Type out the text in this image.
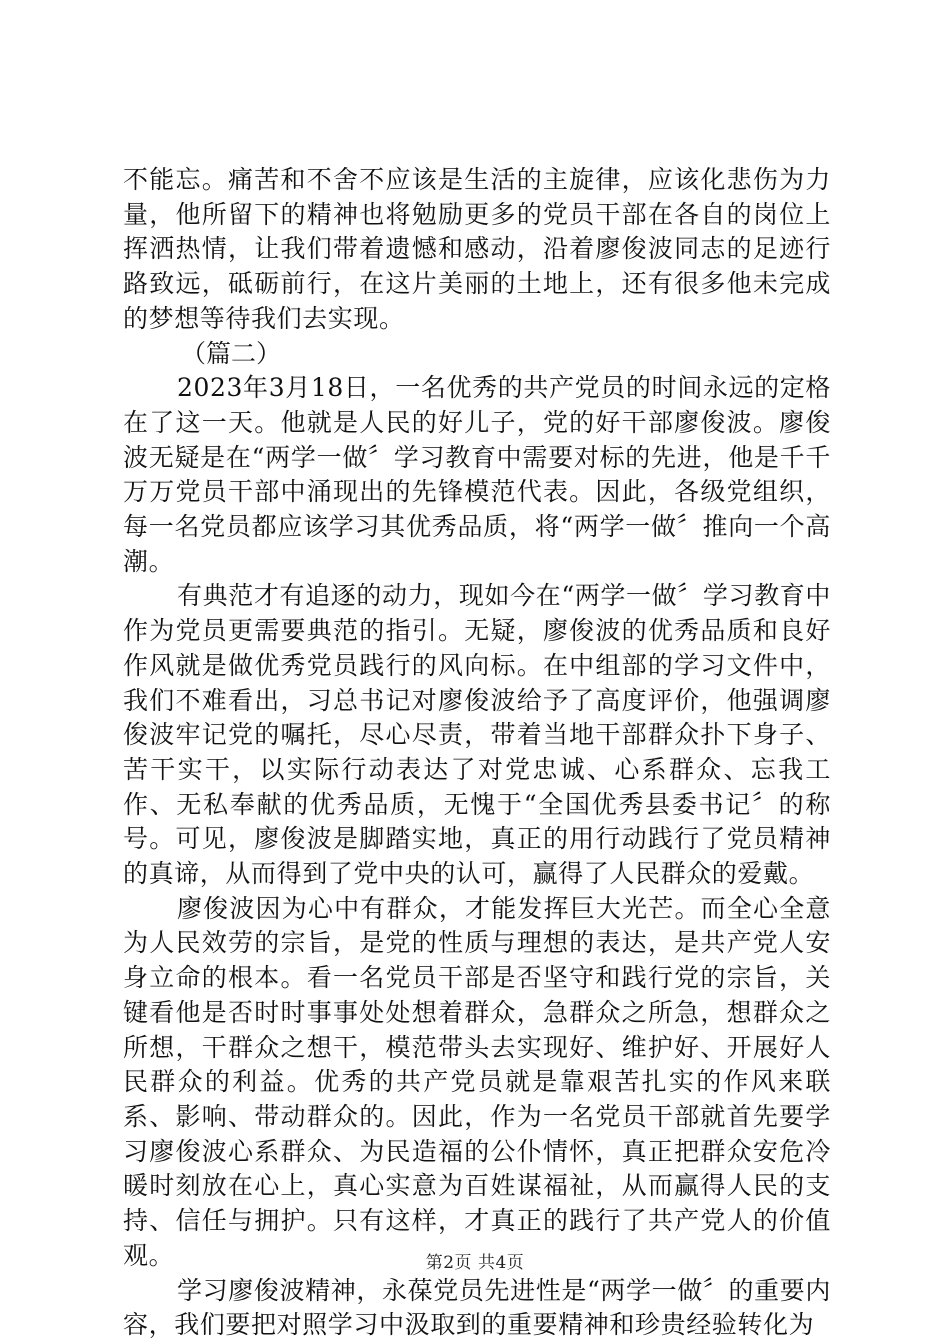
不能忘。痛苦和不舍不应该是生活的主旋律，应该化悲伤为力量，他所留下的精神也将勉励更多的党员干部在各自的岗位上挥洒热情，让我们带着遗憾和感动，沿着廖俊波同志的足迹行路致远，砥砺前行，在这片美丽的土地上，还有很多他未完成的梦想等待我们去实现。

（篇二）

2023年3月18日，一名优秀的共产党员的时间永远的定格在了这一天。他就是人民的好儿子，党的好干部廖俊波。廖俊波无疑是在“两学一做〞学习教育中需要对标的先进，他是千千万万党员干部中涌现出的先锋模范代表。因此，各级党组织，每一名党员都应该学习其优秀品质，将“两学一做〞推向一个高潮。

有典范才有追逐的动力，现如今在“两学一做〞学习教育中作为党员更需要典范的指引。无疑，廖俊波的优秀品质和良好作风就是做优秀党员践行的风向标。在中组部的学习文件中，我们不难看出，习总书记对廖俊波给予了高度评价，他强调廖俊波牢记党的嘱托，尽心尽责，带着当地干部群众扑下身子、苦干实干，以实际行动表达了对党忠诚、心系群众、忘我工作、无私奉献的优秀品质，无愧于“全国优秀县委书记〞的称号。可见，廖俊波是脚踏实地，真正的用行动践行了党员精神的真谛，从而得到了党中央的认可，赢得了人民群众的爱戴。

廖俊波因为心中有群众，才能发挥巨大光芒。而全心全意为人民效劳的宗旨，是党的性质与理想的表达，是共产党人安身立命的根本。看一名党员干部是否坚守和践行党的宗旨，关键看他是否时时事事处处想着群众，急群众之所急，想群众之所想，干群众之想干，模范带头去实现好、维护好、开展好人民群众的利益。优秀的共产党员就是靠艰苦扎实的作风来联系、影响、带动群众的。因此，作为一名党员干部就首先要学习廖俊波心系群众、为民造福的公仆情怀，真正把群众安危冷暖时刻放在心上，真心实意为百姓谋福祉，从而赢得人民的支持、信任与拥护。只有这样，才真正的践行了共产党人的价值观。

学习廖俊波精神，永葆党员先进性是“两学一做〞的重要内容，我们要把对照学习中汲取到的重要精神和珍贵经验转化为

第2页 共4页
